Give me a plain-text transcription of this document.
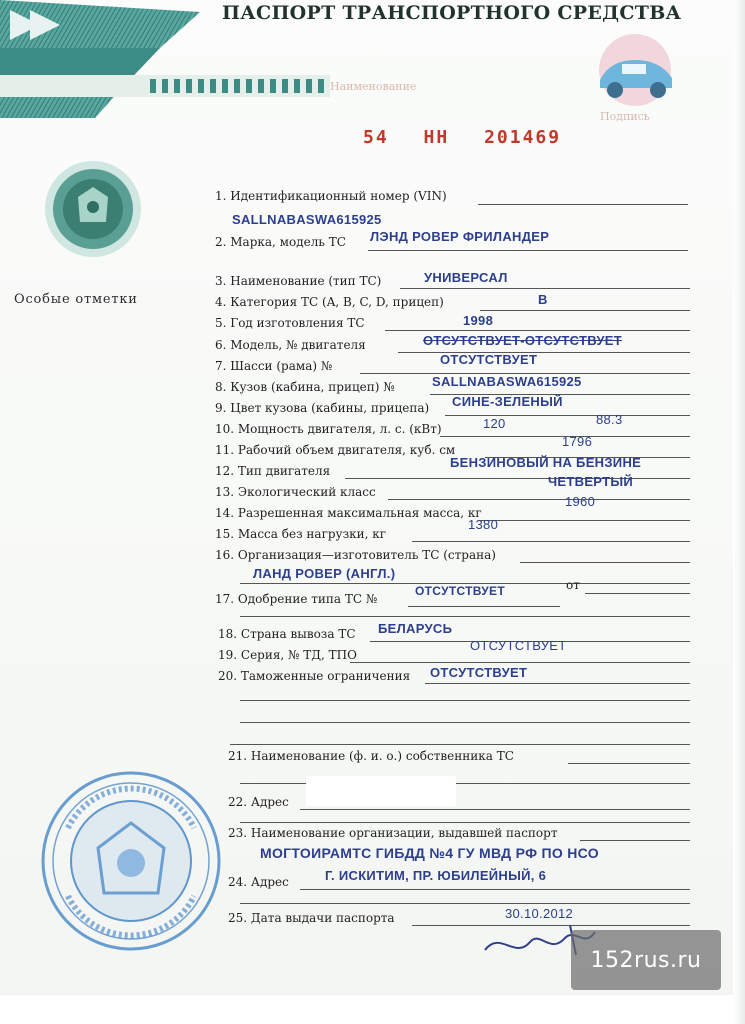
ПАСПОРТ ТРАНСПОРТНОГО СРЕДСТВА
Наименование
Подпись
54 НН 201469
Особые отметки
1. Идентификационный номер (VIN)
SALLNABASWA615925
2. Марка, модель ТС ЛЭНД РОВЕР ФРИЛАНДЕР
3. Наименование (тип ТС)	УНИВЕРСАЛ
4. Категория ТС (A, B, C, D, прицеп)	В
5. Год изготовления ТС	1998
6. Модель, № двигателя	ОТСУТСТВУЕТ-ОТСУТСТВУЕТ
7. Шасси (рама) №	ОТСУТСТВУЕТ
8. Кузов (кабина, прицеп) №	SALLNABASWA615925
9. Цвет кузова (кабины, прицепа) СИНЕ-ЗЕЛЕНЫЙ
10. Мощность двигателя, л. с. (кВт)	120	88.3
11. Рабочий объем двигателя, куб. см
1796
12. Тип двигателя
БЕНЗИНОВЫЙ НА БЕНЗИНЕ
13. Экологический класс
ЧЕТВЕРТЫЙ
14. Разрешенная максимальная масса, кг
1960
15. Масса без нагрузки, кг
1380
16. Организация—изготовитель ТС (страна)
ЛАНД РОВЕР (АНГЛ.)
17. Одобрение типа ТС №
ОТСУТСТВУЕТ	от
18. Страна вывоза ТС БЕЛАРУСЬ
19. Серия, № ТД, ТПО
ОТСУТСТВУЕТ
20. Таможенные ограничения ОТСУТСТВУЕТ
21. Наименование (ф. и. о.) собственника ТС
22. Адрес
23. Наименование организации, выдавшей паспорт
МОГТОИРАМТС ГИБДД №4 ГУ МВД РФ ПО НСО
24. Адрес	Г. ИСКИТИМ, ПР. ЮБИЛЕЙНЫЙ, 6
25. Дата выдачи паспорта	30.10.2012
152rus.ru
